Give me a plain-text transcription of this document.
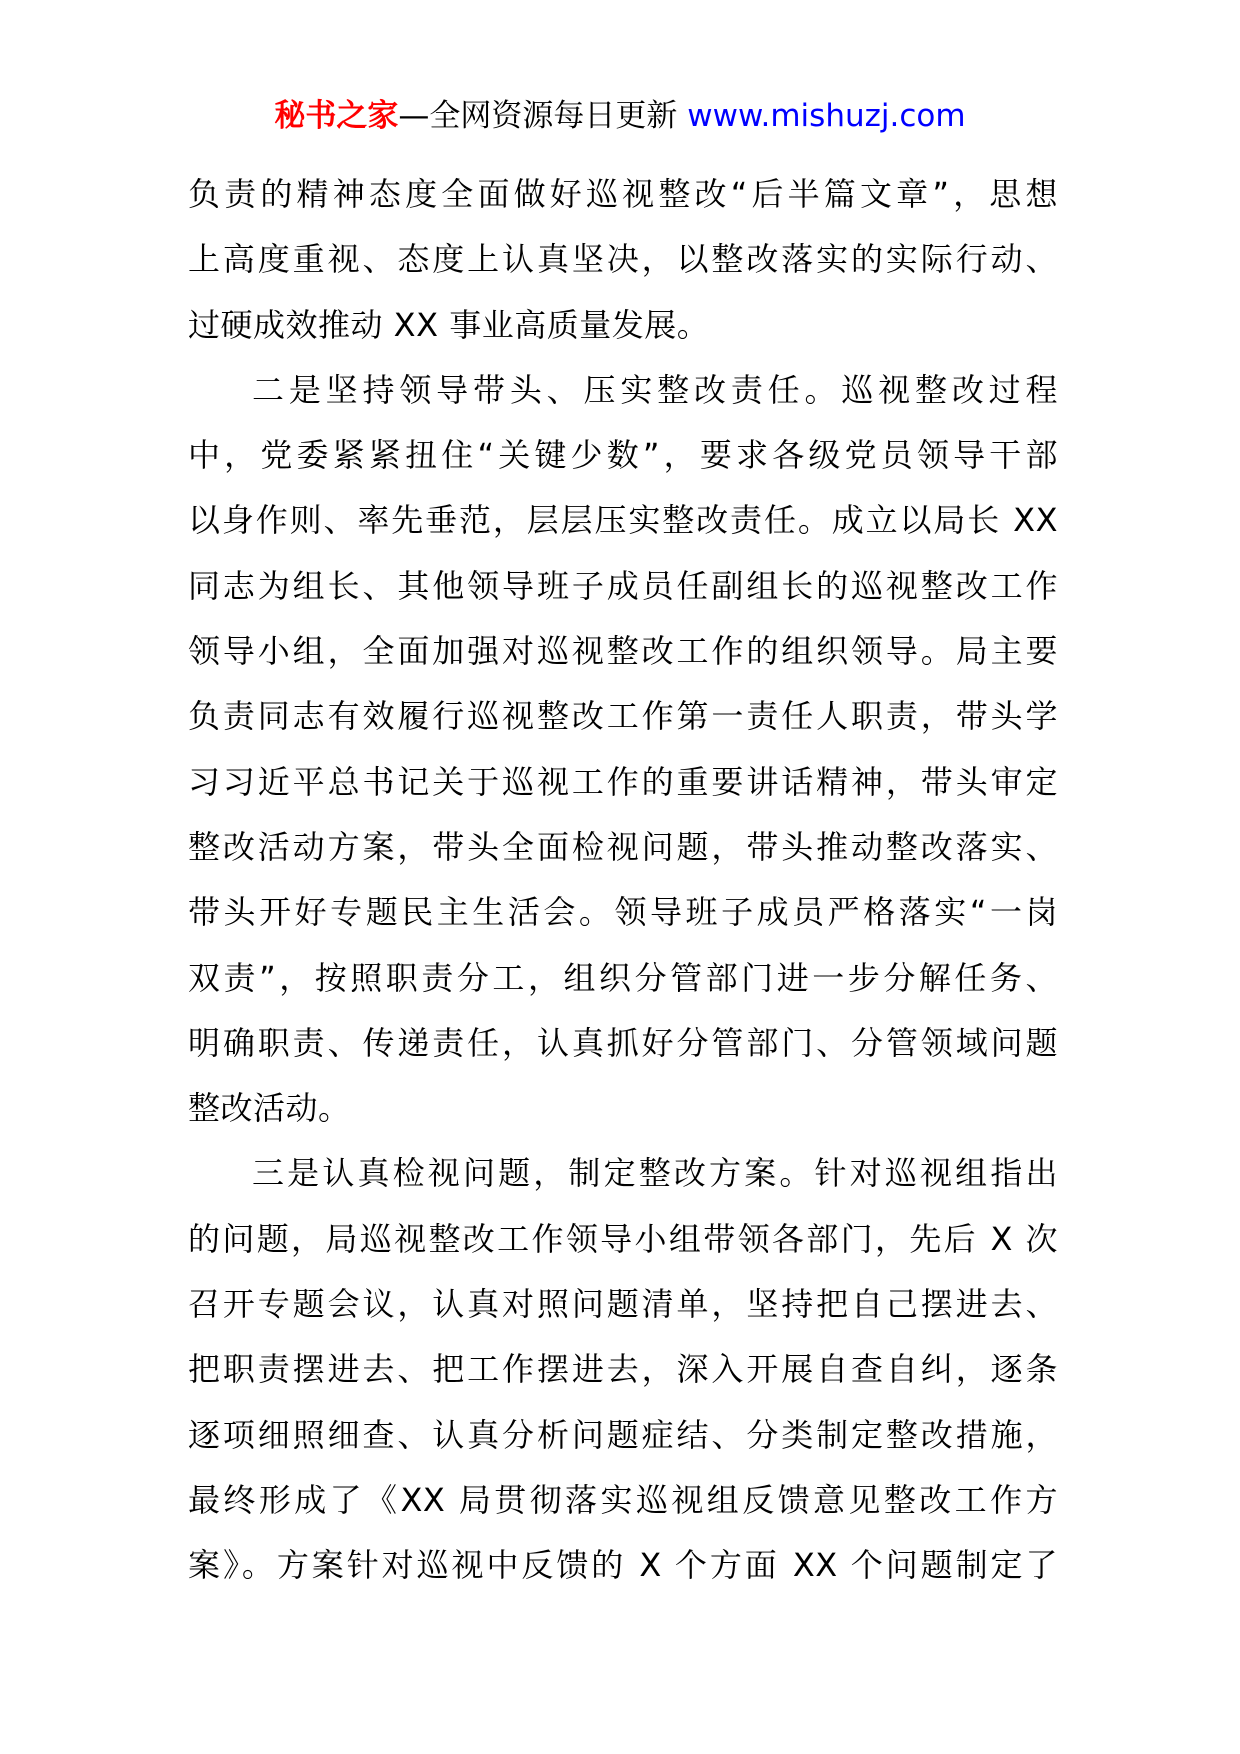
秘书之家—全网资源每日更新 www.mishuzj.com
负责的精神态度全面做好巡视整改“后半篇文章”，思想
上高度重视、态度上认真坚决，以整改落实的实际行动、
过硬成效推动 XX 事业高质量发展。
二是坚持领导带头、压实整改责任。巡视整改过程
中，党委紧紧扭住“关键少数”，要求各级党员领导干部
以身作则、率先垂范，层层压实整改责任。成立以局长 XX
同志为组长、其他领导班子成员任副组长的巡视整改工作
领导小组，全面加强对巡视整改工作的组织领导。局主要
负责同志有效履行巡视整改工作第一责任人职责，带头学
习习近平总书记关于巡视工作的重要讲话精神，带头审定
整改活动方案，带头全面检视问题，带头推动整改落实、
带头开好专题民主生活会。领导班子成员严格落实“一岗
双责”，按照职责分工，组织分管部门进一步分解任务、
明确职责、传递责任，认真抓好分管部门、分管领域问题
整改活动。
三是认真检视问题，制定整改方案。针对巡视组指出
的问题，局巡视整改工作领导小组带领各部门，先后 X 次
召开专题会议，认真对照问题清单，坚持把自己摆进去、
把职责摆进去、把工作摆进去，深入开展自查自纠，逐条
逐项细照细查、认真分析问题症结、分类制定整改措施，
最终形成了《XX 局贯彻落实巡视组反馈意见整改工作方
案》。方案针对巡视中反馈的 X 个方面 XX 个问题制定了
